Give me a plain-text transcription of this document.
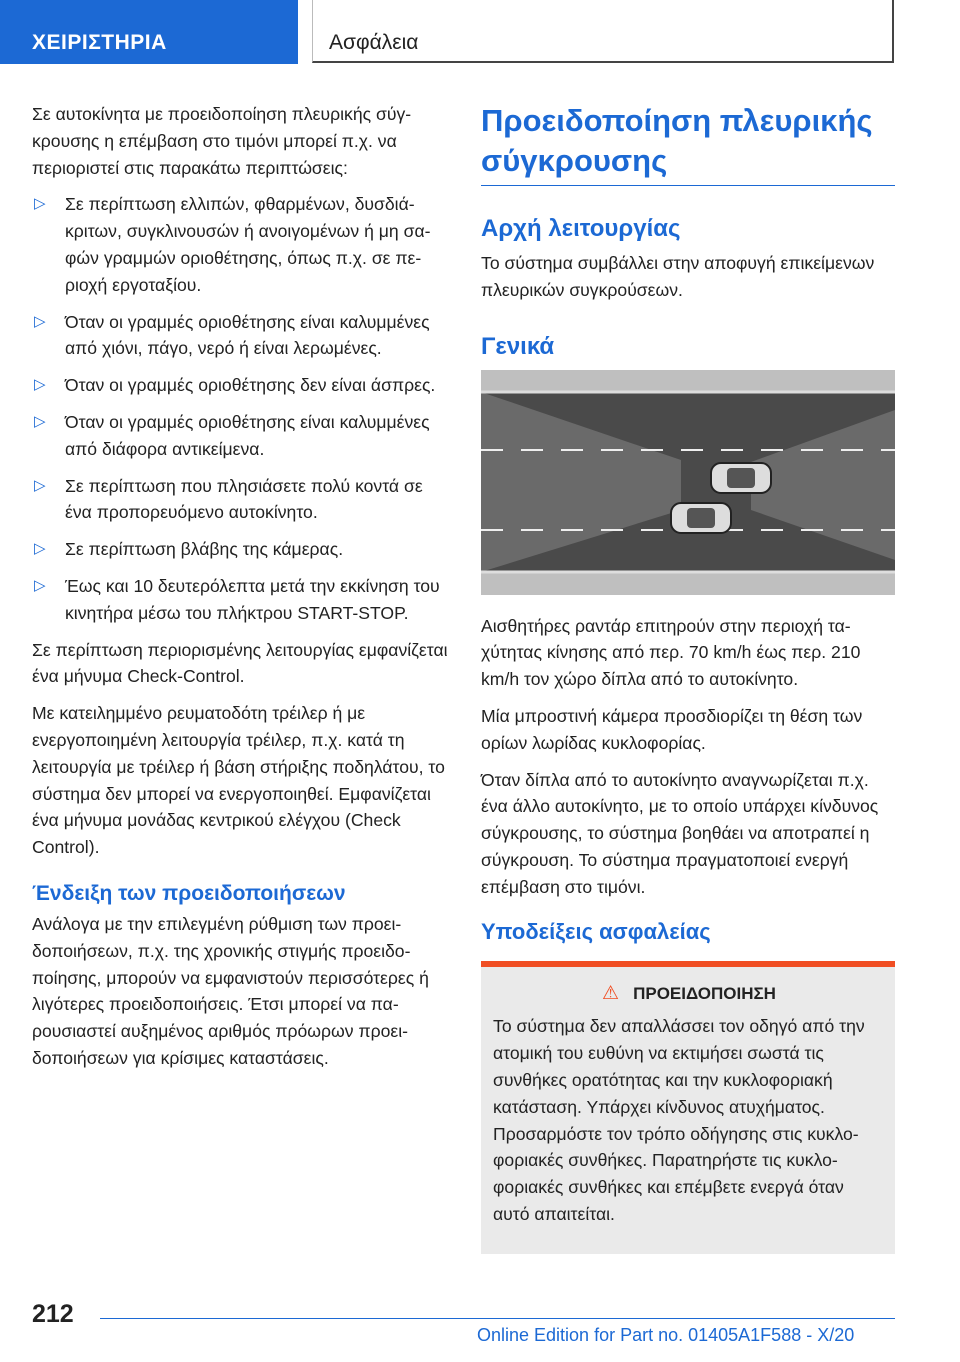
ΧΕΙΡΙΣΤΗΡΙΑ	Ασφάλεια

Σε αυτοκίνητα με προειδοποίηση πλευρικής σύγκρουσης η επέμβαση στο τιμόνι μπορεί π.χ. να περιοριστεί στις παρακάτω περιπτώσεις:

▷ Σε περίπτωση ελλιπών, φθαρμένων, δυσδιάκριτων, συγκλινουσών ή ανοιγομένων ή μη σαφών γραμμών οριοθέτησης, όπως π.χ. σε περιοχή εργοταξίου.
▷ Όταν οι γραμμές οριοθέτησης είναι καλυμμένες από χιόνι, πάγο, νερό ή είναι λερωμένες.
▷ Όταν οι γραμμές οριοθέτησης δεν είναι άσπρες.
▷ Όταν οι γραμμές οριοθέτησης είναι καλυμμένες από διάφορα αντικείμενα.
▷ Σε περίπτωση που πλησιάσετε πολύ κοντά σε ένα προπορευόμενο αυτοκίνητο.
▷ Σε περίπτωση βλάβης της κάμερας.
▷ Έως και 10 δευτερόλεπτα μετά την εκκίνηση του κινητήρα μέσω του πλήκτρου START-STOP.

Σε περίπτωση περιορισμένης λειτουργίας εμφανίζεται ένα μήνυμα Check-Control.

Με κατειλημμένο ρευματοδότη τρέιλερ ή με ενεργοποιημένη λειτουργία τρέιλερ, π.χ. κατά τη λειτουργία με τρέιλερ ή βάση στήριξης ποδηλάτου, το σύστημα δεν μπορεί να ενεργοποιηθεί. Εμφανίζεται ένα μήνυμα μονάδας κεντρικού ελέγχου (Check Control).

Ένδειξη των προειδοποιήσεων

Ανάλογα με την επιλεγμένη ρύθμιση των προειδοποιήσεων, π.χ. της χρονικής στιγμής προειδοποίησης, μπορούν να εμφανιστούν περισσότερες ή λιγότερες προειδοποιήσεις. Έτσι μπορεί να παρουσιαστεί αυξημένος αριθμός πρόωρων προειδοποιήσεων για κρίσιμες καταστάσεις.

Προειδοποίηση πλευρικής σύγκρουσης
Αρχή λειτουργίας

Το σύστημα συμβάλλει στην αποφυγή επικείμενων πλευρικών συγκρούσεων.

Γενικά

Αισθητήρες ραντάρ επιτηρούν στην περιοχή ταχύτητας κίνησης από περ. 70 km/h έως περ. 210 km/h τον χώρο δίπλα από το αυτοκίνητο.

Μία μπροστινή κάμερα προσδιορίζει τη θέση των ορίων λωρίδας κυκλοφορίας.

Όταν δίπλα από το αυτοκίνητο αναγνωρίζεται π.χ. ένα άλλο αυτοκίνητο, με το οποίο υπάρχει κίνδυνος σύγκρουσης, το σύστημα βοηθάει να αποτραπεί η σύγκρουση. Το σύστημα πραγματοποιεί ενεργή επέμβαση στο τιμόνι.

Υποδείξεις ασφαλείας
⚠ ΠΡΟΕΙΔΟΠΟΙΗΣΗ
Το σύστημα δεν απαλλάσσει τον οδηγό από την ατομική του ευθύνη να εκτιμήσει σωστά τις συνθήκες ορατότητας και την κυκλοφοριακή κατάσταση. Υπάρχει κίνδυνος ατυχήματος. Προσαρμόστε τον τρόπο οδήγησης στις κυκλοφοριακές συνθήκες. Παρατηρήστε τις κυκλοφοριακές συνθήκες και επέμβετε ενεργά όταν αυτό απαιτείται.
212
Online Edition for Part no. 01405A1F588 - X/20
